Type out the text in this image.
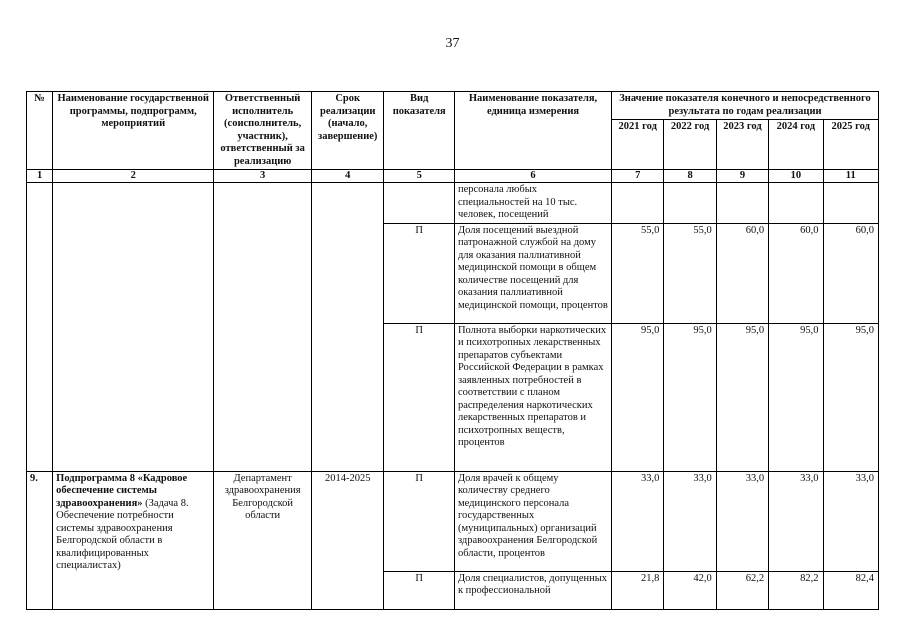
37
№	Наименование государственной программы, подпрограмм, мероприятий	Ответственный исполнитель (соисполнитель, участник), ответственный за реализацию	Срок реализации (начало, завершение)	Вид показателя	Наименование показателя, единица измерения	Значение показателя конечного и непосредственного результата по годам реализации				
						2021 год	2022 год	2023 год	2024 год	2025 год
1	2	3	4	5	6	7	8	9	10	11
					персонала любых специальностей на 10 тыс. человек, посещений					
				П	Доля посещений выездной патронажной службой на дому для оказания паллиативной медицинской помощи в общем количестве посещений для оказания паллиативной медицинской помощи, процентов	55,0	55,0	60,0	60,0	60,0
				П	Полнота выборки наркотических и психотропных лекарственных препаратов субъектами Российской Федерации в рамках заявленных потребностей в соответствии с планом распределения наркотических лекарственных препаратов и психотропных веществ, процентов	95,0	95,0	95,0	95,0	95,0
9.	Подпрограмма 8 «Кадровое обеспечение системы здравоохранения» (Задача 8. Обеспечение потребности системы здравоохранения Белгородской области в квалифицированных специалистах)	Департамент здравоохранения Белгородской области	2014-2025	П	Доля врачей к общему количеству среднего медицинского персонала государственных (муниципальных) организаций здравоохранения Белгородской области, процентов	33,0	33,0	33,0	33,0	33,0
				П	Доля специалистов, допущенных к профессиональной	21,8	42,0	62,2	82,2	82,4
